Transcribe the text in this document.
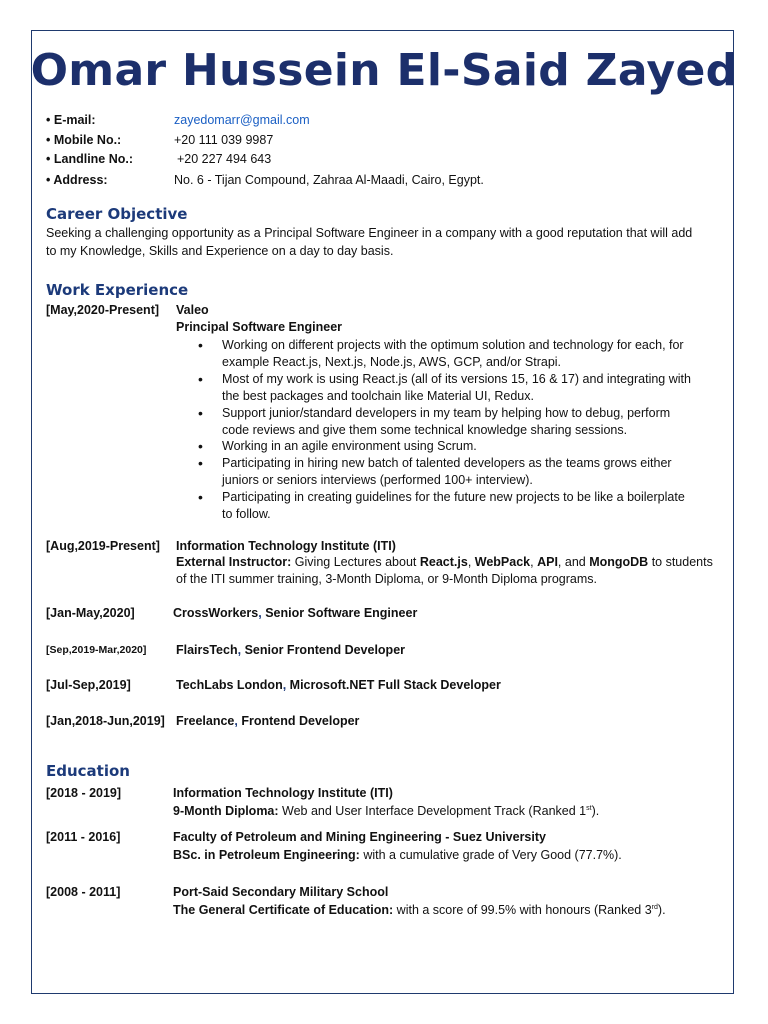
Omar Hussein El-Said Zayed
• E-mail:	zayedomarr@gmail.com
• Mobile No.:	+20 111 039 9987
• Landline No.:	+20 227 494 643
• Address:	No. 6 - Tijan Compound, Zahraa Al-Maadi, Cairo, Egypt.
Career Objective
Seeking a challenging opportunity as a Principal Software Engineer in a company with a good reputation that will add
to my Knowledge, Skills and Experience on a day to day basis.
Work Experience
[May,2020-Present] Valeo
Principal Software Engineer
• Working on different projects with the optimum solution and technology for each, for
example React.js, Next.js, Node.js, AWS, GCP, and/or Strapi.
• Most of my work is using React.js (all of its versions 15, 16 & 17) and integrating with
the best packages and toolchain like Material UI, Redux.
• Support junior/standard developers in my team by helping how to debug, perform
code reviews and give them some technical knowledge sharing sessions.
• Working in an agile environment using Scrum.
• Participating in hiring new batch of talented developers as the teams grows either
juniors or seniors interviews (performed 100+ interview).
• Participating in creating guidelines for the future new projects to be like a boilerplate
to follow.
[Aug,2019-Present] Information Technology Institute (ITI)
External Instructor: Giving Lectures about React.js, WebPack, API, and MongoDB to students
of the ITI summer training, 3-Month Diploma, or 9-Month Diploma programs.
[Jan-May,2020]	CrossWorkers, Senior Software Engineer
[Sep,2019-Mar,2020] FlairsTech, Senior Frontend Developer
[Jul-Sep,2019]	TechLabs London, Microsoft.NET Full Stack Developer
[Jan,2018-Jun,2019] Freelance, Frontend Developer
Education
[2018 - 2019]	Information Technology Institute (ITI)
9-Month Diploma: Web and User Interface Development Track (Ranked 1st).
[2011 - 2016]	Faculty of Petroleum and Mining Engineering - Suez University
BSc. in Petroleum Engineering: with a cumulative grade of Very Good (77.7%).
[2008 - 2011]	Port-Said Secondary Military School
The General Certificate of Education: with a score of 99.5% with honours (Ranked 3rd).
